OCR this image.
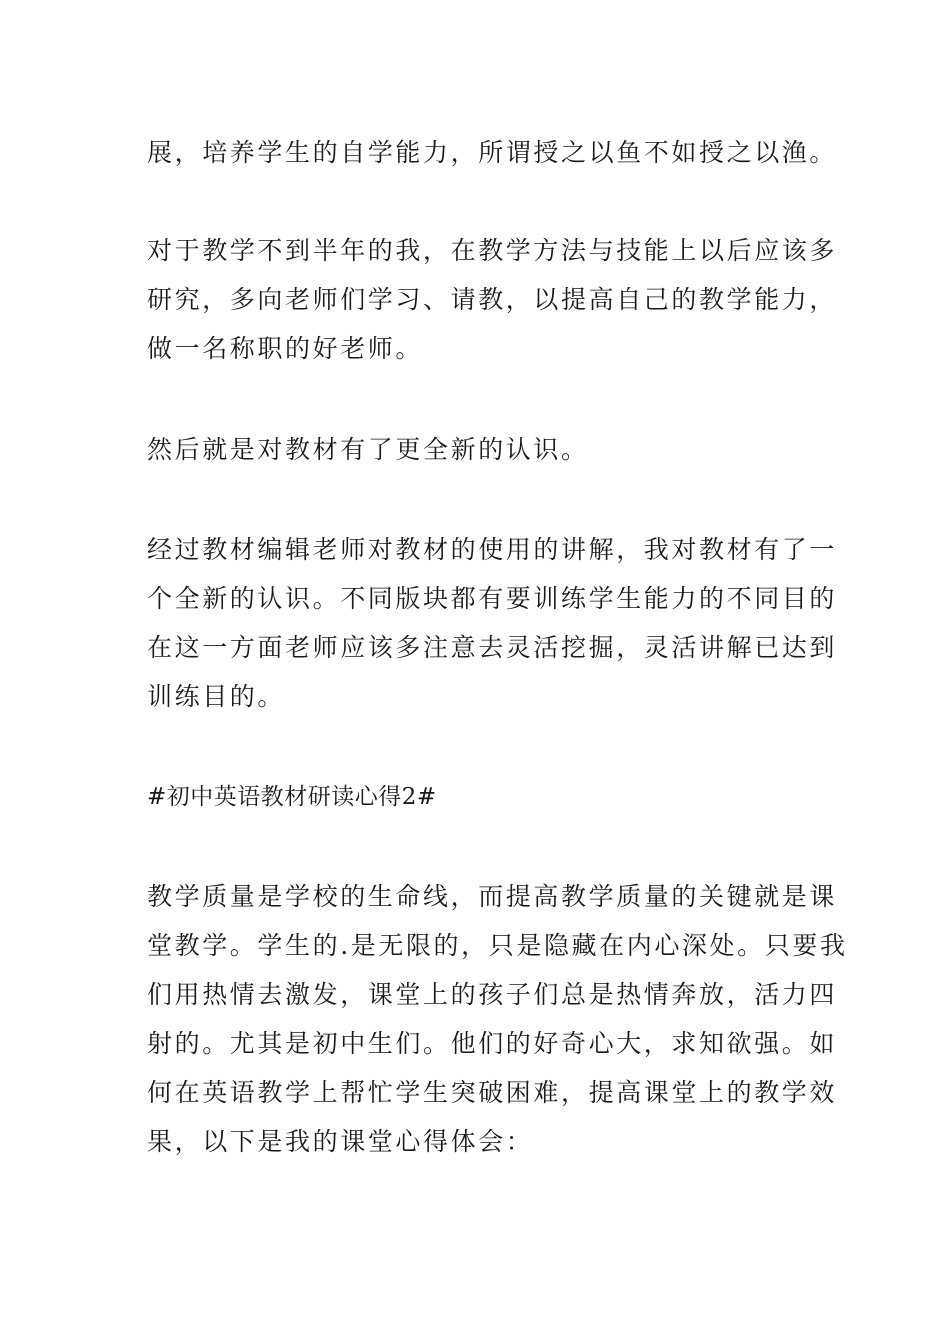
展，培养学生的自学能力，所谓授之以鱼不如授之以渔。

对于教学不到半年的我，在教学方法与技能上以后应该多
研究，多向老师们学习、请教，以提高自己的教学能力，
做一名称职的好老师。

然后就是对教材有了更全新的认识。

经过教材编辑老师对教材的使用的讲解，我对教材有了一
个全新的认识。不同版块都有要训练学生能力的不同目的
在这一方面老师应该多注意去灵活挖掘，灵活讲解已达到
训练目的。

#初中英语教材研读心得2#

教学质量是学校的生命线，而提高教学质量的关键就是课
堂教学。学生的.是无限的，只是隐藏在内心深处。只要我
们用热情去激发，课堂上的孩子们总是热情奔放，活力四
射的。尤其是初中生们。他们的好奇心大，求知欲强。如
何在英语教学上帮忙学生突破困难，提高课堂上的教学效
果，以下是我的课堂心得体会：
